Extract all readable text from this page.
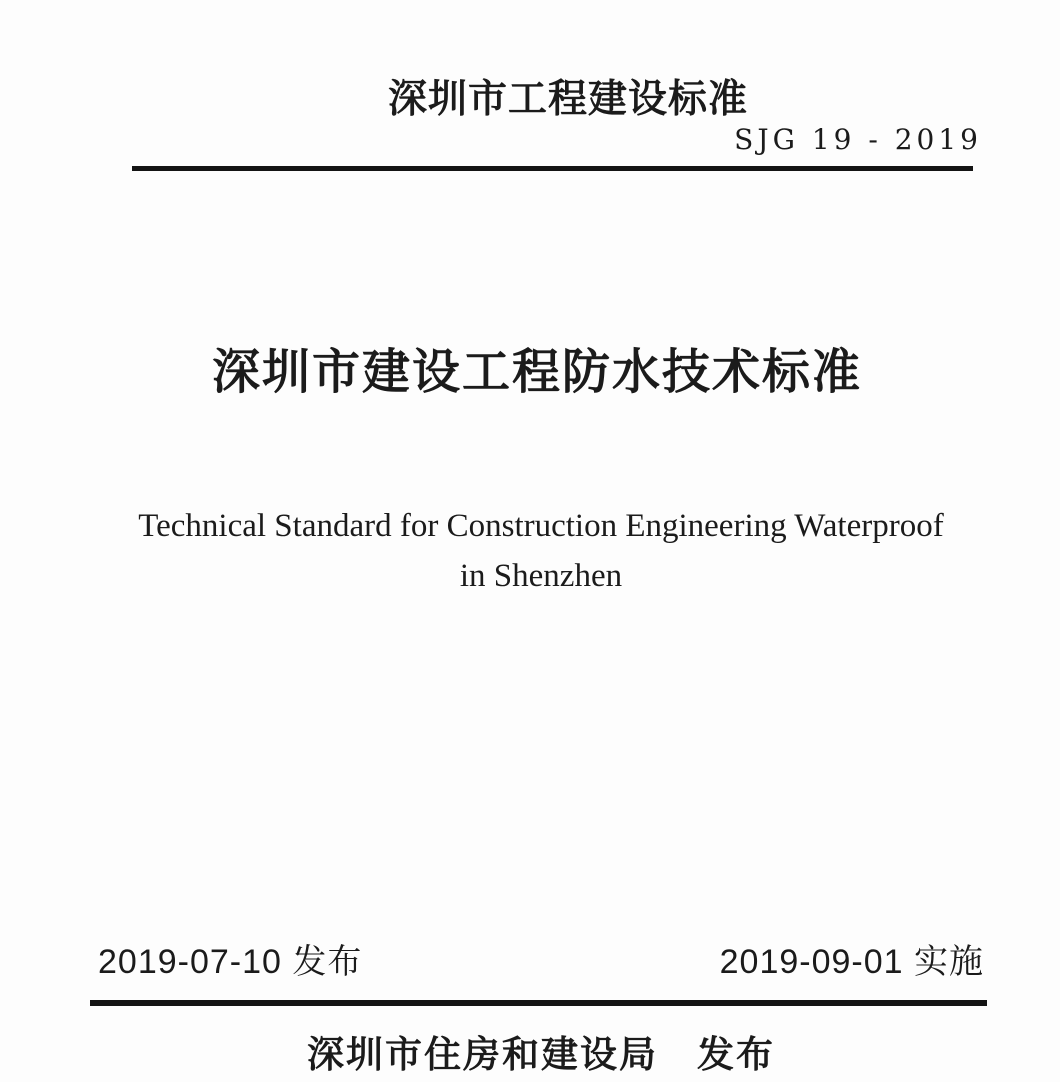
深圳市工程建设标准
SJG 19 - 2019
深圳市建设工程防水技术标准
Technical Standard for Construction Engineering Waterproof
in Shenzhen
2019-07-10 发布	2019-09-01 实施
深圳市住房和建设局　发布
